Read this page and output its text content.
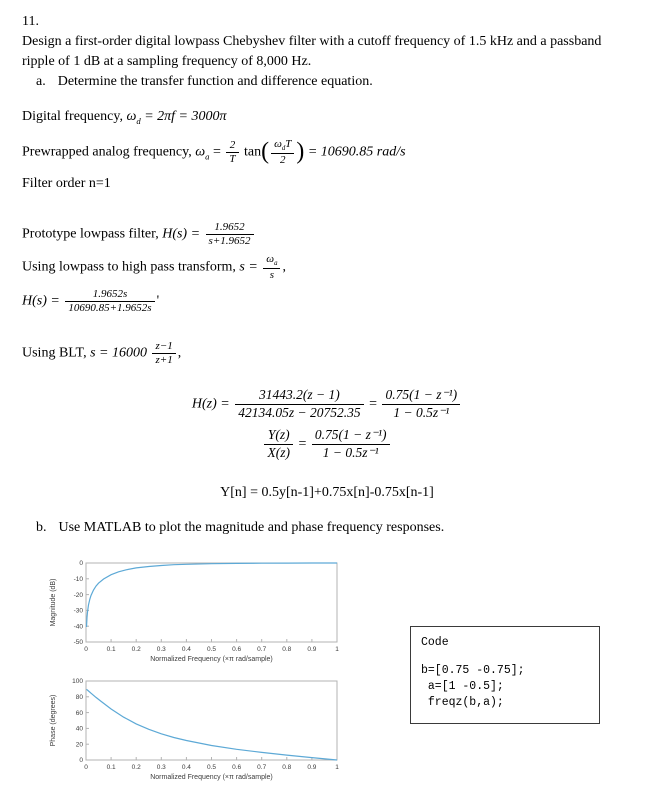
11.
Design a first-order digital lowpass Chebyshev filter with a cutoff frequency of 1.5 kHz and a passband ripple of 1 dB at a sampling frequency of 8,000 Hz.
a. Determine the transfer function and difference equation.
Digital frequency, $\omega_d = 2\pi f = 3000\pi$
Prewrapped analog frequency, $\omega_a = \frac{2}{T} \tan( \frac{\omega_dT}{2}$ ) = 10690.85 rad/s
Filter order n=1
Prototype lowpass filter, $H(s) = \frac{1.9652}{s+1.9652}$
Using lowpass to high pass transform, $s = \frac{\omega_a}{s}$ ,
$H(s) = \frac{1.9652s}{10690.85+1.9652s}$ '
Using BLT, $s = 16000 \frac{z-1}{z+1}$ ,
$H(z) = \frac{31443.2(z - 1)}{42134.05z - 20752.35} = \frac{\text{0.75(1 − z⁻¹)}}{\text{1 − 0.5z⁻¹}}$
$\frac{Y(z)}{X(z)} = \frac{\text{0.75(1 − z⁻¹)}}{\text{1 − 0.5z⁻¹}}$
Y[n] = 0.5y[n-1]+0.75x[n]-0.75x[n-1]
b. Use MATLAB to plot the magnitude and phase frequency responses.
0	0.1 0.2 0.3 0.4 0.5 0.6 0.7 0.8 0.9	1
0
-10
-20
-30
-40
-50
Normalized Frequency (×π rad/sample)
Magnitude (dB)
0	0.1 0.2 0.3 0.4 0.5 0.6 0.7 0.8 0.9	1
0
20
40
60
80
100
Normalized Frequency (×π rad/sample)
Phase (degrees)
Code
b=[0.75 -0.75];
a=[1 -0.5];
freqz(b,a);
